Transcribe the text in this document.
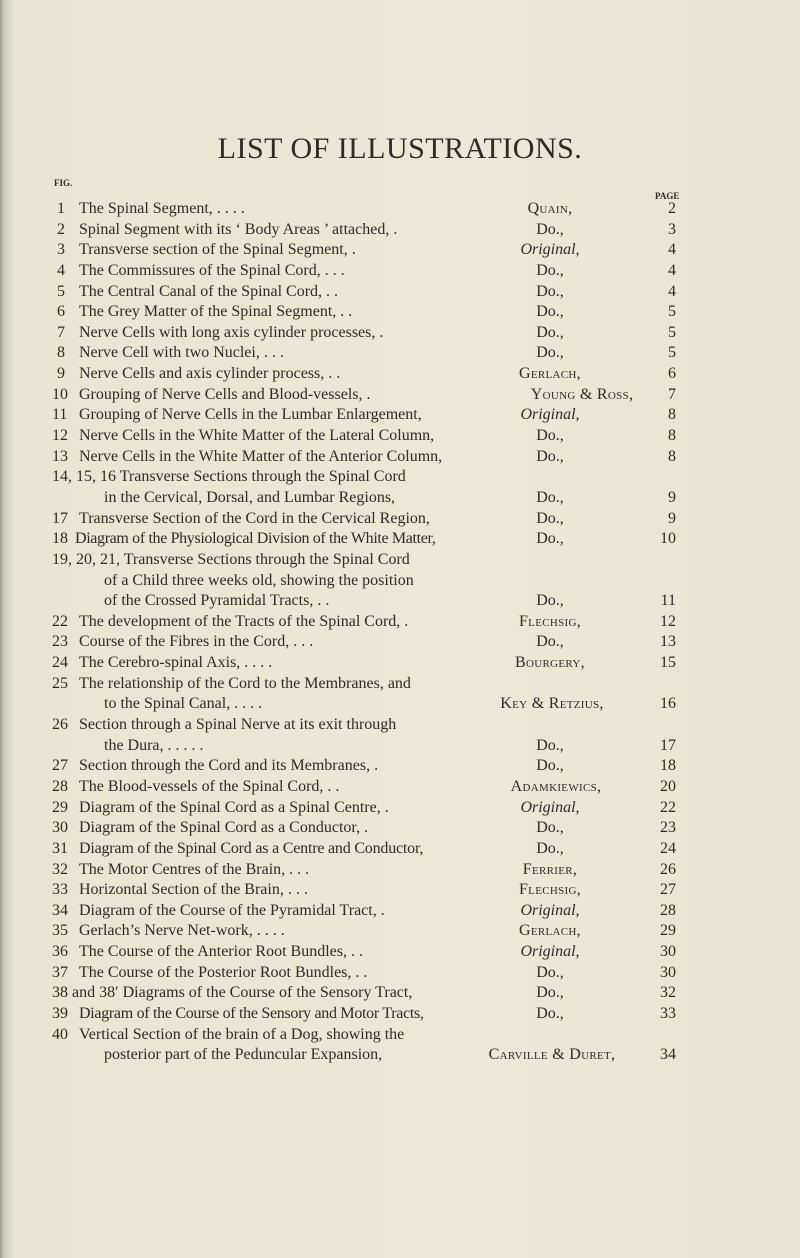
LIST OF ILLUSTRATIONS.
FIG.
PAGE
1 The Spinal Segment, . . . .	Quain,	2
2 Spinal Segment with its ‘ Body Areas ’ attached, .	Do.,	3
3 Transverse section of the Spinal Segment, .	Original,	4
4 The Commissures of the Spinal Cord, . . .	Do.,	4
5 The Central Canal of the Spinal Cord, . .	Do.,	4
6 The Grey Matter of the Spinal Segment, . .	Do.,	5
7 Nerve Cells with long axis cylinder processes, .	Do.,	5
8 Nerve Cell with two Nuclei, . . .	Do.,	5
9 Nerve Cells and axis cylinder process, . .	Gerlach,	6
10 Grouping of Nerve Cells and Blood-vessels, .	Young & Ross, 7
11 Grouping of Nerve Cells in the Lumbar Enlargement,	Original,	8
12 Nerve Cells in the White Matter of the Lateral Column,	Do.,	8
13 Nerve Cells in the White Matter of the Anterior Column,	Do.,	8
14, 15, 16 Transverse Sections through the Spinal Cord
in the Cervical, Dorsal, and Lumbar Regions,	Do.,	9
17 Transverse Section of the Cord in the Cervical Region,	Do.,	9
18 Diagram of the Physiological Division of the White Matter,	Do.,	10
19, 20, 21, Transverse Sections through the Spinal Cord
of a Child three weeks old, showing the position
of the Crossed Pyramidal Tracts, . .	Do.,	11
22 The development of the Tracts of the Spinal Cord, .	Flechsig,	12
23 Course of the Fibres in the Cord, . . .	Do.,	13
24 The Cerebro-spinal Axis, . . . .	Bourgery,	15
25 The relationship of the Cord to the Membranes, and
to the Spinal Canal, . . . .	Key & Retzius,	16
26 Section through a Spinal Nerve at its exit through
the Dura, . . . . .	Do.,	17
27 Section through the Cord and its Membranes, .	Do.,	18
28 The Blood-vessels of the Spinal Cord, . .	Adamkiewics,	20
29 Diagram of the Spinal Cord as a Spinal Centre, .	Original,	22
30 Diagram of the Spinal Cord as a Conductor, .	Do.,	23
31 Diagram of the Spinal Cord as a Centre and Conductor,	Do.,	24
32 The Motor Centres of the Brain, . . .	Ferrier,	26
33 Horizontal Section of the Brain, . . .	Flechsig,	27
34 Diagram of the Course of the Pyramidal Tract, .	Original,	28
35 Gerlach’s Nerve Net-work, . . . .	Gerlach,	29
36 The Course of the Anterior Root Bundles, . .	Original,	30
37 The Course of the Posterior Root Bundles, . .	Do.,	30
38 and 38′ Diagrams of the Course of the Sensory Tract,	Do.,	32
39 Diagram of the Course of the Sensory and Motor Tracts,	Do.,	33
40 Vertical Section of the brain of a Dog, showing the
posterior part of the Peduncular Expansion,	Carville & Duret,	34
